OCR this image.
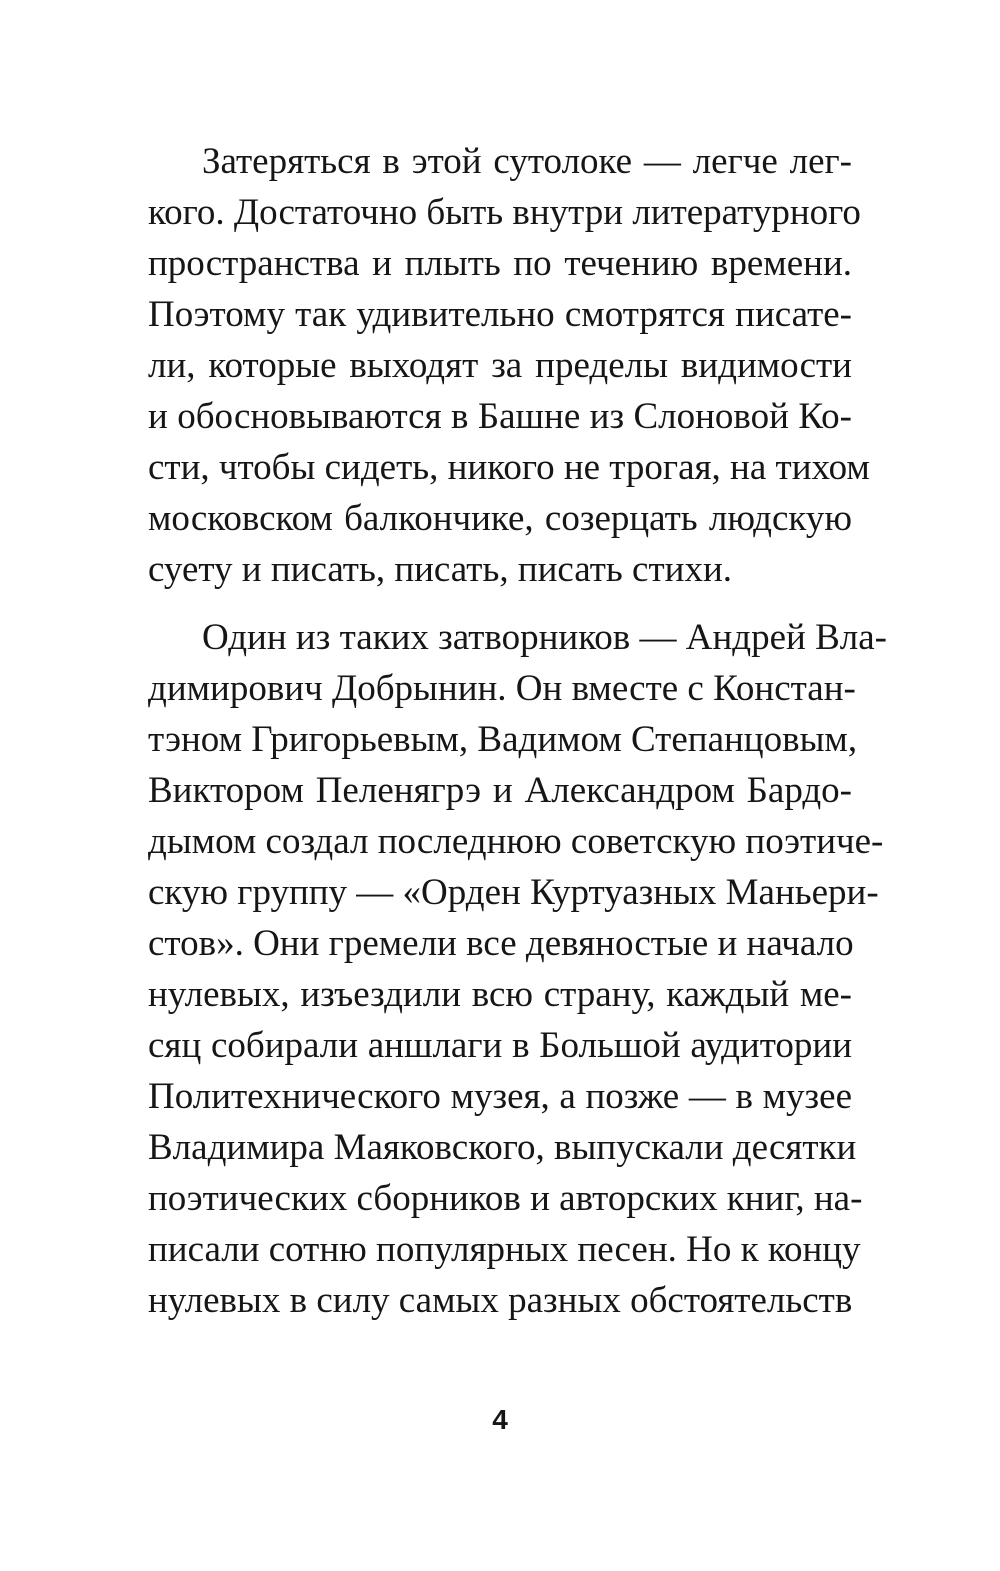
Затеряться в этой сутолоке — легче лег-
кого. Достаточно быть внутри литературного
пространства и плыть по течению времени.
Поэтому так удивительно смотрятся писате-
ли, которые выходят за пределы видимости
и обосновываются в Башне из Слоновой Ко-
сти, чтобы сидеть, никого не трогая, на тихом
московском балкончике, созерцать людскую
суету и писать, писать, писать стихи.

Один из таких затворников — Андрей Вла-
димирович Добрынин. Он вместе с Констан-
тэном Григорьевым, Вадимом Степанцовым,
Виктором Пеленягрэ и Александром Бардо-
дымом создал последнюю советскую поэтиче-
скую группу — «Орден Куртуазных Маньери-
стов». Они гремели все девяностые и начало
нулевых, изъездили всю страну, каждый ме-
сяц собирали аншлаги в Большой аудитории
Политехнического музея, а позже — в музее
Владимира Маяковского, выпускали десятки
поэтических сборников и авторских книг, на-
писали сотню популярных песен. Но к концу
нулевых в силу самых разных обстоятельств

4
